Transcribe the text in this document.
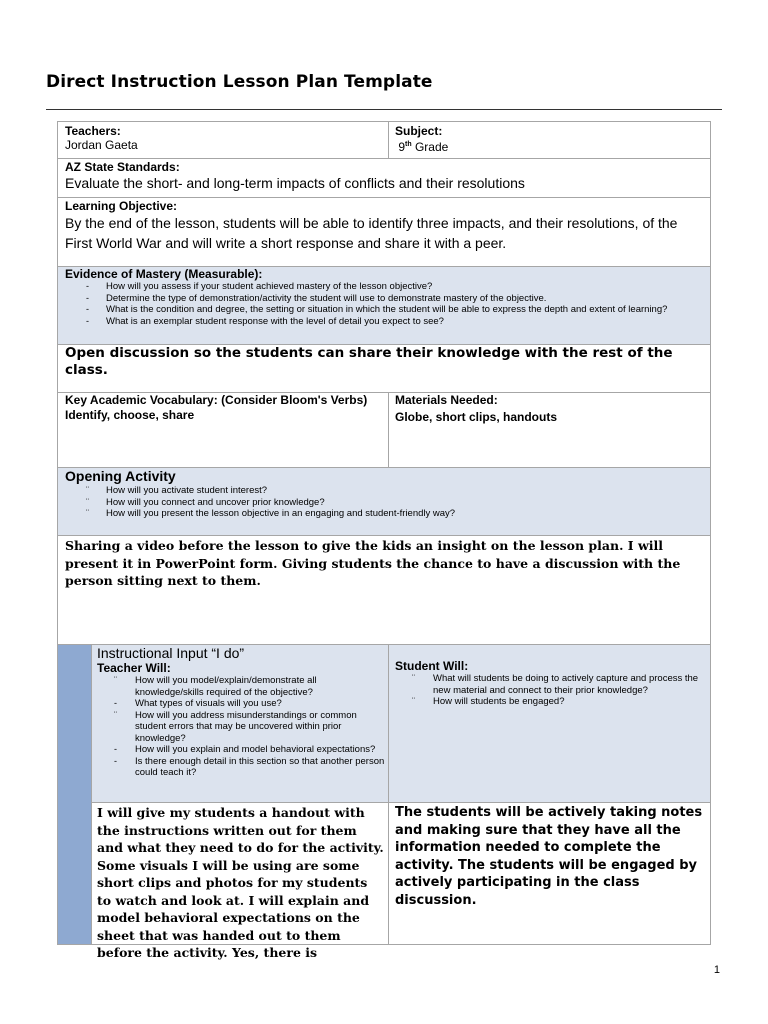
Direct Instruction Lesson Plan Template
Teachers:
Jordan Gaeta
Subject:
9th Grade
AZ State Standards:
Evaluate the short- and long-term impacts of conflicts and their resolutions
Learning Objective:
By the end of the lesson, students will be able to identify three impacts, and their resolutions, of the First World War and will write a short response and share it with a peer.
Evidence of Mastery (Measurable):
- How will you assess if your student achieved mastery of the lesson objective?
- Determine the type of demonstration/activity the student will use to demonstrate mastery of the objective.
- What is the condition and degree, the setting or situation in which the student will be able to express the depth and extent of learning?
- What is an exemplar student response with the level of detail you expect to see?
Open discussion so the students can share their knowledge with the rest of the class.
Key Academic Vocabulary: (Consider Bloom's Verbs)
Identify, choose, share
Materials Needed:
Globe, short clips, handouts
Opening Activity
¨ How will you activate student interest?
¨ How will you connect and uncover prior knowledge?
¨ How will you present the lesson objective in an engaging and student-friendly way?
Sharing a video before the lesson to give the kids an insight on the lesson plan. I will present it in PowerPoint form. Giving students the chance to have a discussion with the person sitting next to them.
Instructional Input “I do”
Teacher Will:
¨ How will you model/explain/demonstrate all knowledge/skills required of the objective?
- What types of visuals will you use?
¨ How will you address misunderstandings or common student errors that may be uncovered within prior knowledge?
- How will you explain and model behavioral expectations?
- Is there enough detail in this section so that another person could teach it?
Student Will:
¨ What will students be doing to actively capture and process the new material and connect to their prior knowledge?
¨ How will students be engaged?
I will give my students a handout with the instructions written out for them and what they need to do for the activity. Some visuals I will be using are some short clips and photos for my students to watch and look at. I will explain and model behavioral expectations on the sheet that was handed out to them before the activity. Yes, there is
The students will be actively taking notes and making sure that they have all the information needed to complete the activity. The students will be engaged by actively participating in the class discussion.
1
